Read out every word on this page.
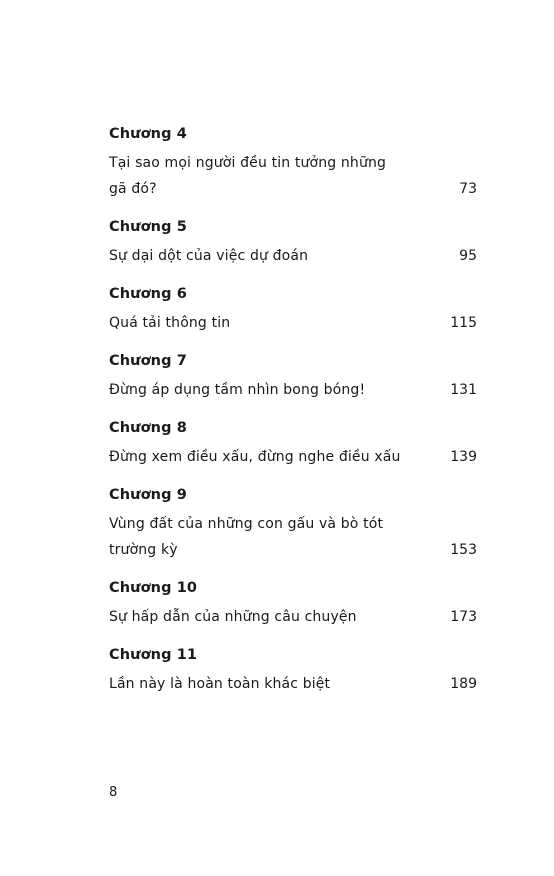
Chương 4
Tại sao mọi người đều tin tưởng những gã đó?	73
Chương 5
Sự dại dột của việc dự đoán	95
Chương 6
Quá tải thông tin	115
Chương 7
Đừng áp dụng tầm nhìn bong bóng!	131
Chương 8
Đừng xem điều xấu, đừng nghe điều xấu	139
Chương 9
Vùng đất của những con gấu và bò tót trường kỳ	153
Chương 10
Sự hấp dẫn của những câu chuyện	173
Chương 11
Lần này là hoàn toàn khác biệt	189
8
